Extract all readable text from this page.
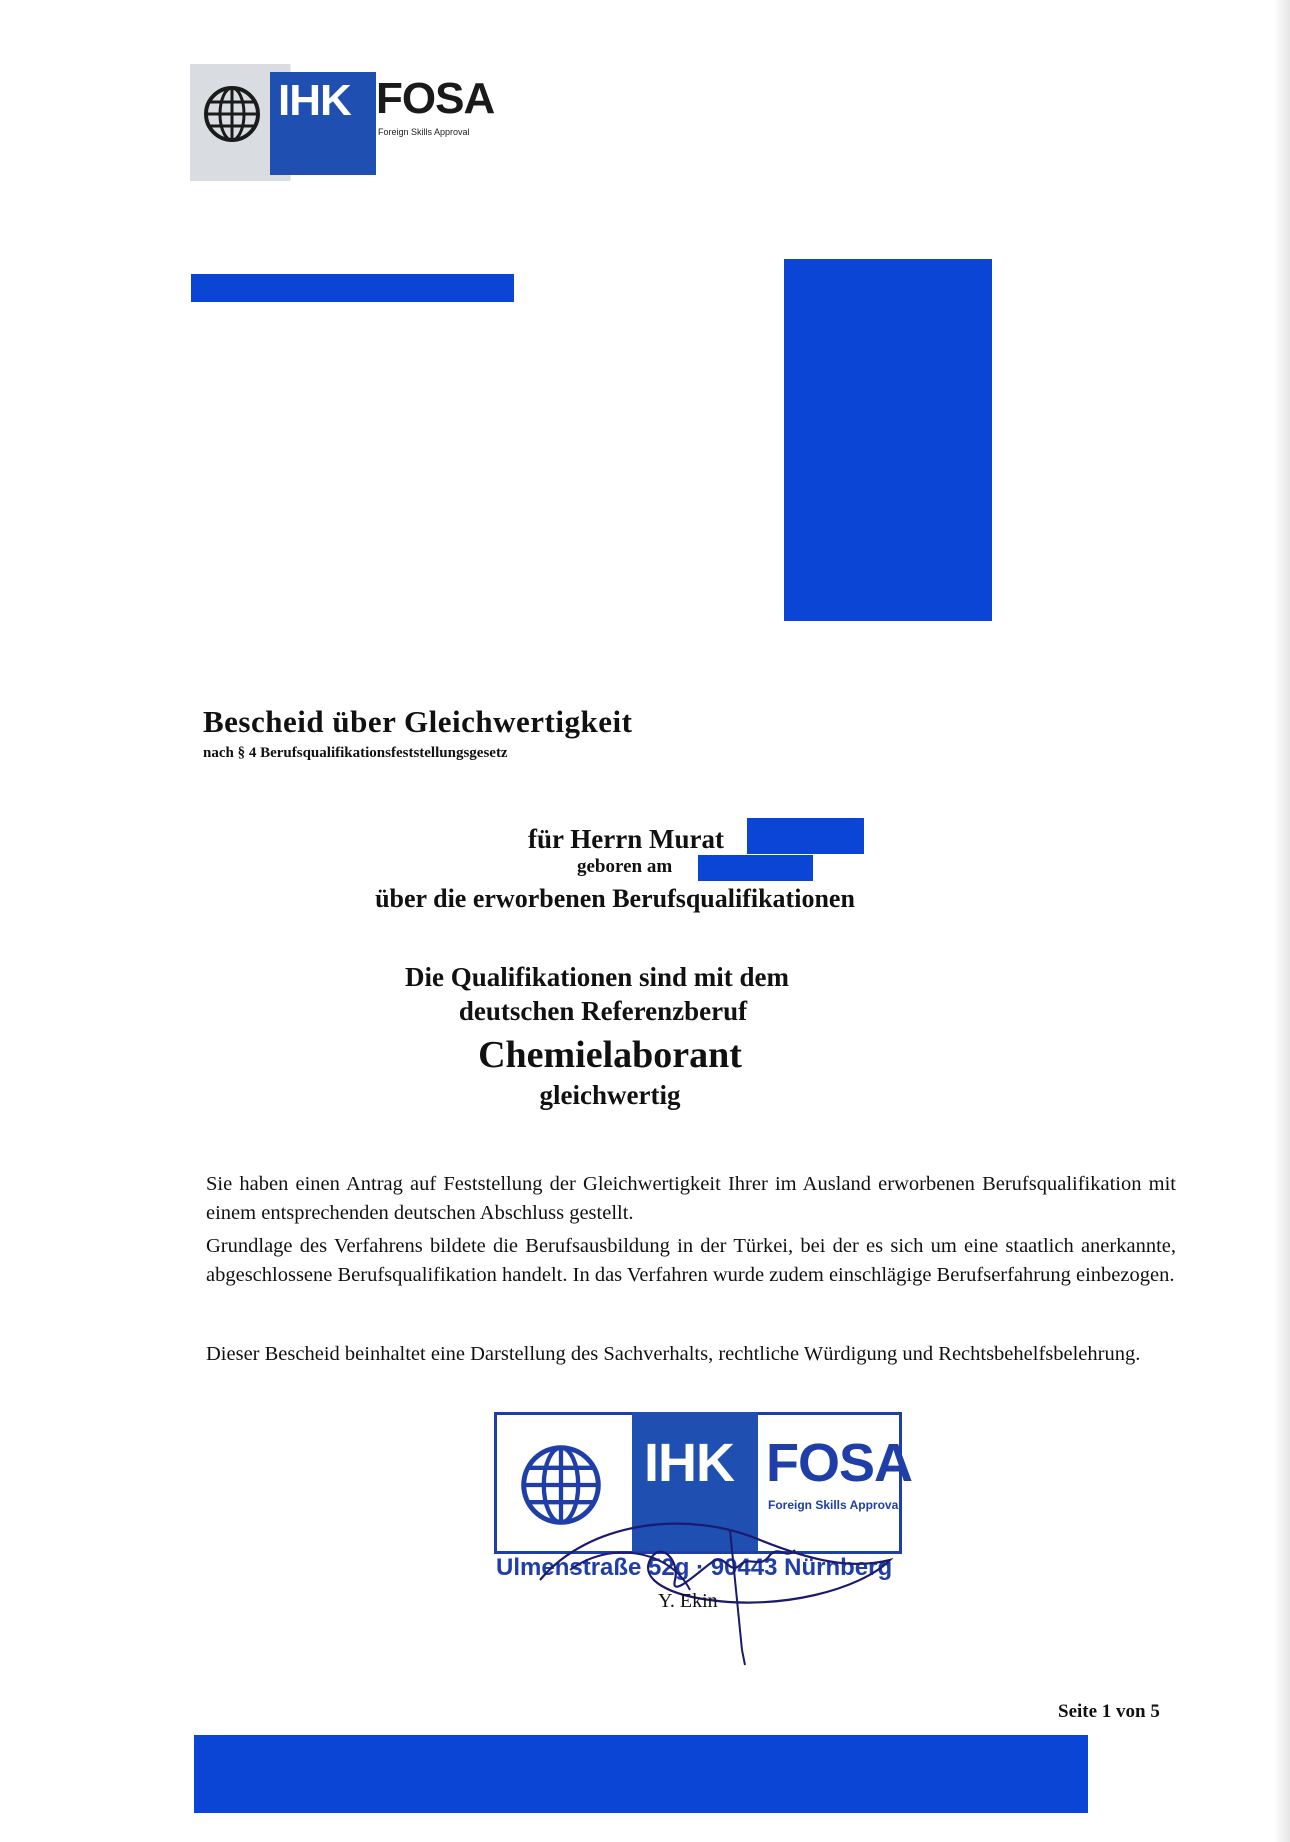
IHK FOSA
Foreign Skills Approval
Bescheid über Gleichwertigkeit
nach § 4 Berufsqualifikationsfeststellungsgesetz
für Herrn Murat
geboren am
über die erworbenen Berufsqualifikationen
Die Qualifikationen sind mit dem
deutschen Referenzberuf
Chemielaborant
gleichwertig
Sie haben einen Antrag auf Feststellung der Gleichwertigkeit Ihrer im Ausland erworbenen Berufsqualifikation mit einem entsprechenden deutschen Abschluss gestellt.
Grundlage des Verfahrens bildete die Berufsausbildung in der Türkei, bei der es sich um eine staatlich anerkannte, abgeschlossene Berufsqualifikation handelt. In das Verfahren wurde zudem einschlägige Berufserfahrung einbezogen.
Dieser Bescheid beinhaltet eine Darstellung des Sachverhalts, rechtliche Würdigung und Rechtsbehelfsbelehrung.
IHK FOSA
Foreign Skills Approval
Ulmenstraße 52g · 90443 Nürnberg
Y. Ekin
Seite 1 von 5
